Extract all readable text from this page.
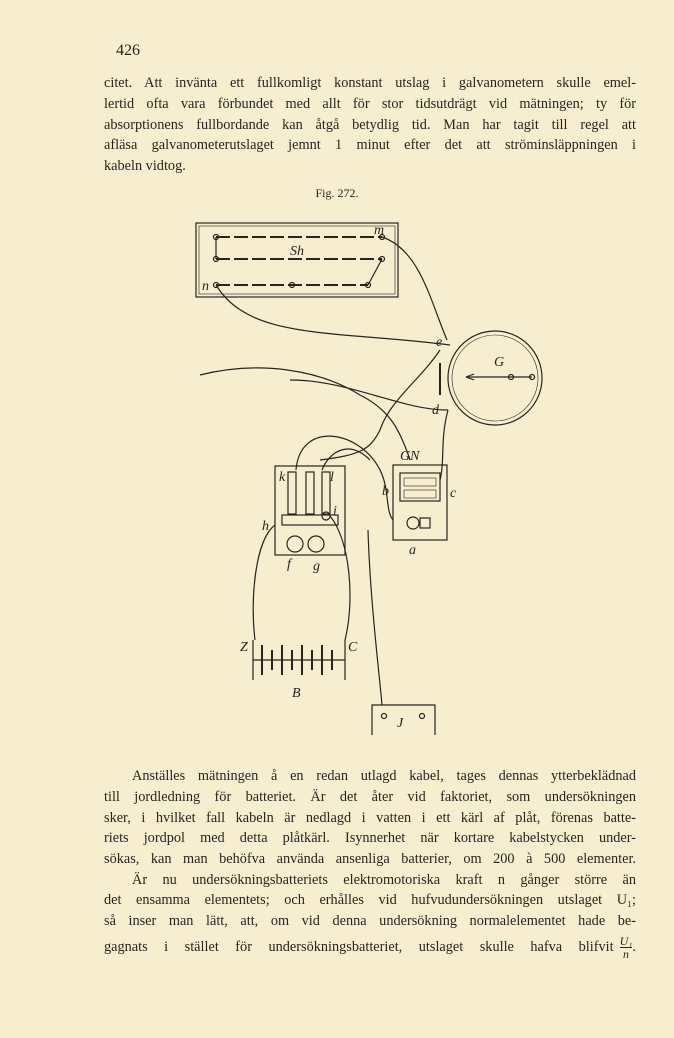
426
citet. Att invänta ett fullkomligt konstant utslag i galvanometern skulle emel-
lertid ofta vara förbundet med allt för stor tidsutdrägt vid mätningen; ty för
absorptionens fullbordande kan åtgå betydlig tid. Man har tagit till regel att
afläsa galvanometerutslaget jemnt 1 minut efter det att ströminsläppningen i
kabeln vidtog.
Fig. 272.
Sh
m
n
e
G
d
GN
k	l
i
h
b	c
a
f g
Z	C
B
J
Anställes mätningen å en redan utlagd kabel, tages dennas ytterbeklädnad
till jordledning för batteriet. Är det åter vid faktoriet, som undersökningen
sker, i hvilket fall kabeln är nedlagd i vatten i ett kärl af plåt, förenas batte-
riets jordpol med detta plåtkärl. Isynnerhet när kortare kabelstycken under-
sökas, kan man behöfva använda ansenliga batterier, om 200 à 500 elementer.
Är nu undersökningsbatteriets elektromotoriska kraft n gånger större än
det ensamma elementets; och erhålles vid hufvudundersökningen utslaget U₁;
så inser man lätt, att, om vid denna undersökning normalelementet hade be-
gagnats i stället för undersökningsbatteriet, utslaget skulle hafva blifvit $\frac{\text{U₁}}{n}$ .
